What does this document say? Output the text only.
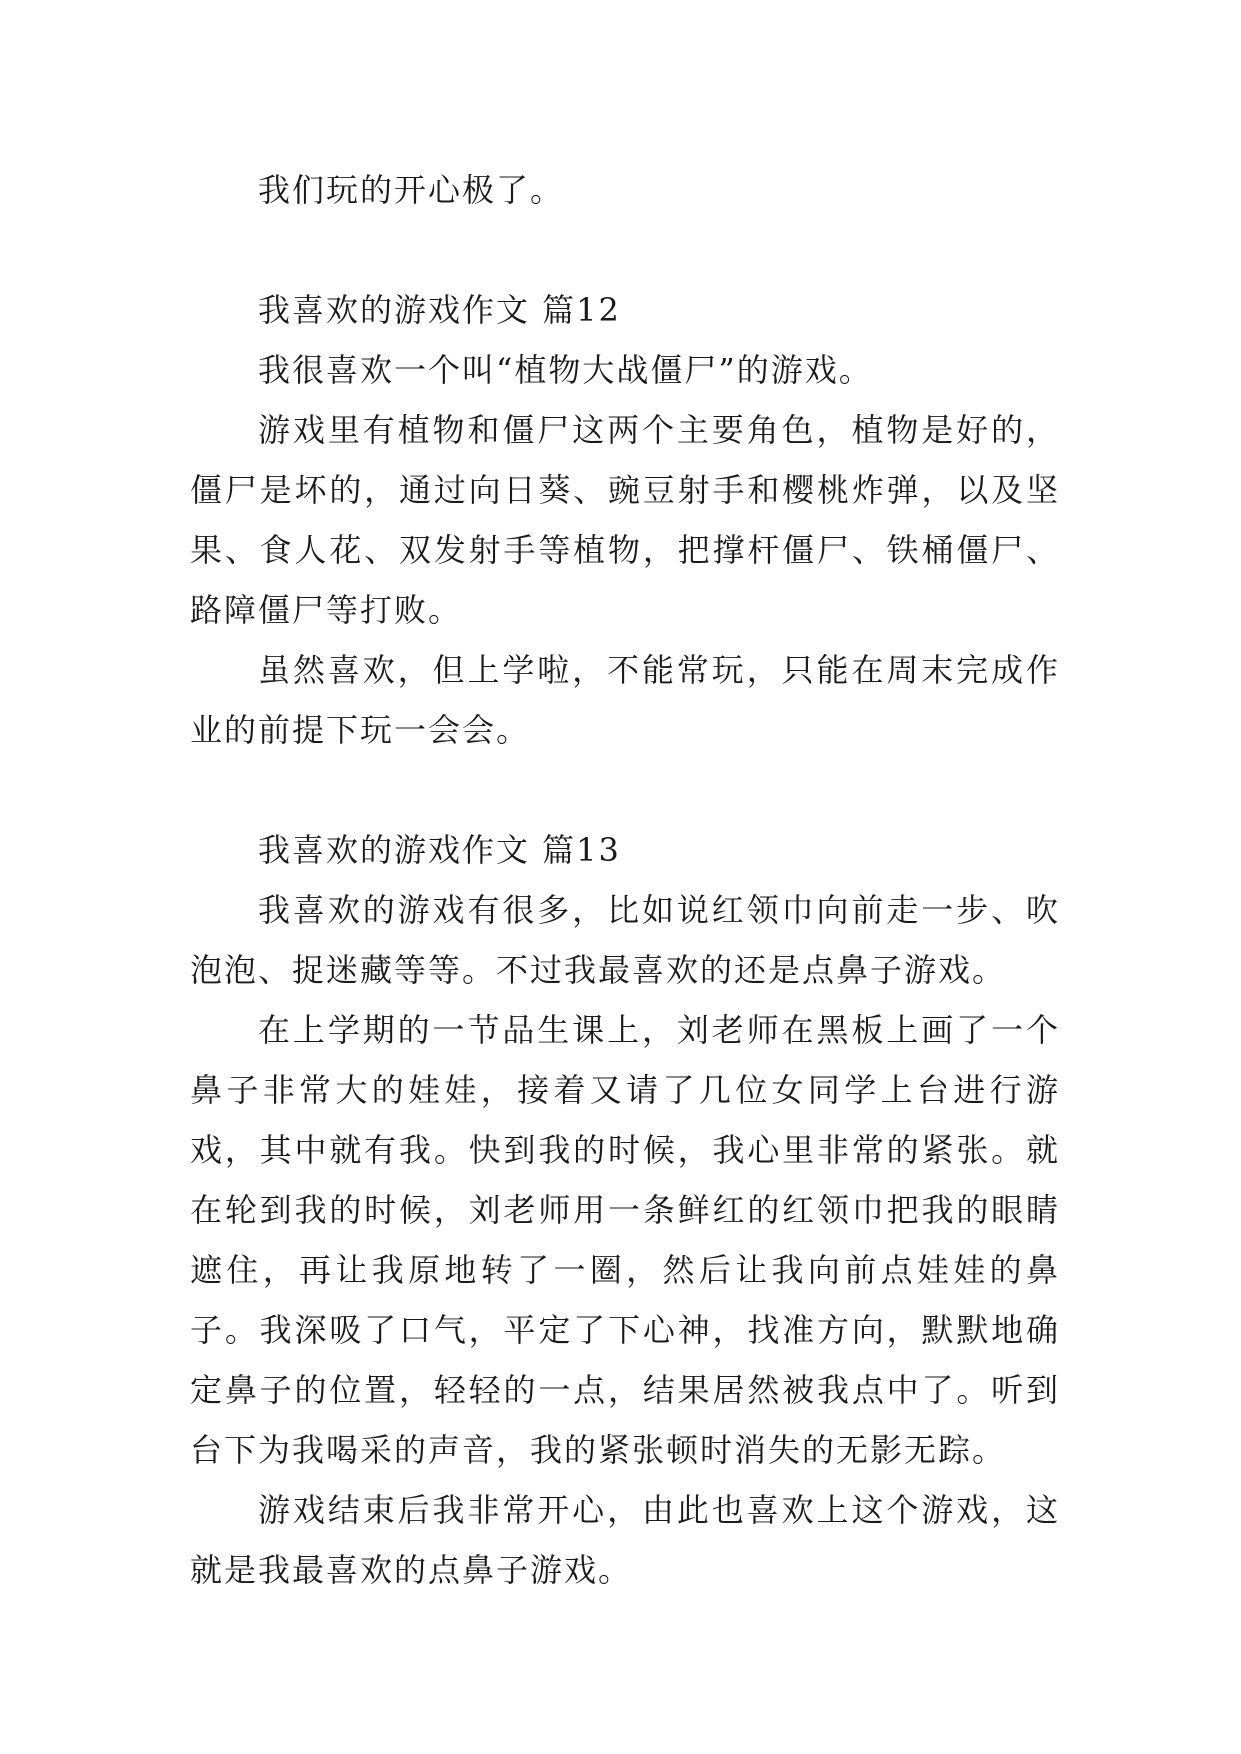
我们玩的开心极了。

我喜欢的游戏作文 篇12

我很喜欢一个叫“植物大战僵尸”的游戏。

游戏里有植物和僵尸这两个主要角色，植物是好的，僵尸是坏的，通过向日葵、豌豆射手和樱桃炸弹，以及坚果、食人花、双发射手等植物，把撑杆僵尸、铁桶僵尸、路障僵尸等打败。

虽然喜欢，但上学啦，不能常玩，只能在周末完成作业的前提下玩一会会。

我喜欢的游戏作文 篇13

我喜欢的游戏有很多，比如说红领巾向前走一步、吹泡泡、捉迷藏等等。不过我最喜欢的还是点鼻子游戏。

在上学期的一节品生课上，刘老师在黑板上画了一个鼻子非常大的娃娃，接着又请了几位女同学上台进行游戏，其中就有我。快到我的时候，我心里非常的紧张。就在轮到我的时候，刘老师用一条鲜红的红领巾把我的眼睛遮住，再让我原地转了一圈，然后让我向前点娃娃的鼻子。我深吸了口气，平定了下心神，找准方向，默默地确定鼻子的位置，轻轻的一点，结果居然被我点中了。听到台下为我喝采的声音，我的紧张顿时消失的无影无踪。

游戏结束后我非常开心，由此也喜欢上这个游戏，这就是我最喜欢的点鼻子游戏。
